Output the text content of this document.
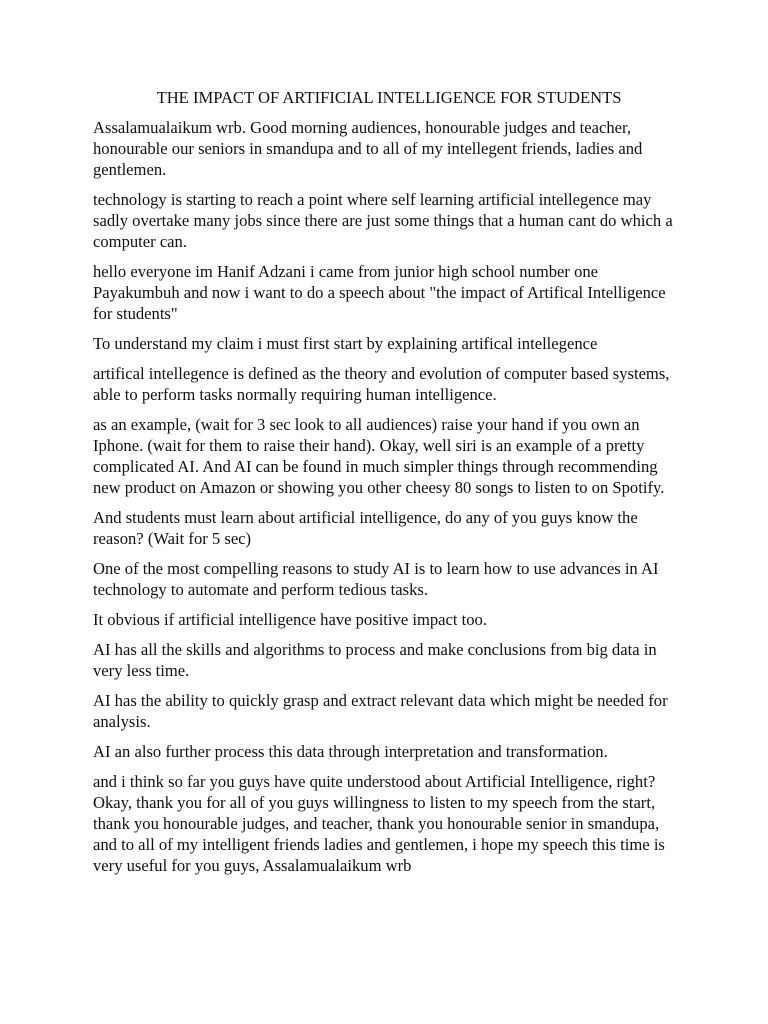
THE IMPACT OF ARTIFICIAL INTELLIGENCE FOR STUDENTS

Assalamualaikum wrb. Good morning audiences, honourable judges and teacher, honourable our seniors in smandupa and to all of my intellegent friends, ladies and gentlemen.

technology is starting to reach a point where self learning artificial intellegence may sadly overtake many jobs since there are just some things that a human cant do which a computer can.

hello everyone im Hanif Adzani i came from junior high school number one Payakumbuh and now i want to do a speech about "the impact of Artifical Intelligence for students"

To understand my claim i must first start by explaining artifical intellegence

artifical intellegence is defined as the theory and evolution of computer based systems, able to perform tasks normally requiring human intelligence.

as an example, (wait for 3 sec look to all audiences) raise your hand if you own an Iphone. (wait for them to raise their hand). Okay, well siri is an example of a pretty complicated AI. And AI can be found in much simpler things through recommending new product on Amazon or showing you other cheesy 80 songs to listen to on Spotify.

And students must learn about artificial intelligence, do any of you guys know the reason? (Wait for 5 sec)

One of the most compelling reasons to study AI is to learn how to use advances in AI technology to automate and perform tedious tasks.

It obvious if artificial intelligence have positive impact too.

AI has all the skills and algorithms to process and make conclusions from big data in very less time.

AI has the ability to quickly grasp and extract relevant data which might be needed for analysis.

AI an also further process this data through interpretation and transformation.

and i think so far you guys have quite understood about Artificial Intelligence, right? Okay, thank you for all of you guys willingness to listen to my speech from the start, thank you honourable judges, and teacher, thank you honourable senior in smandupa, and to all of my intelligent friends ladies and gentlemen, i hope my speech this time is very useful for you guys, Assalamualaikum wrb
